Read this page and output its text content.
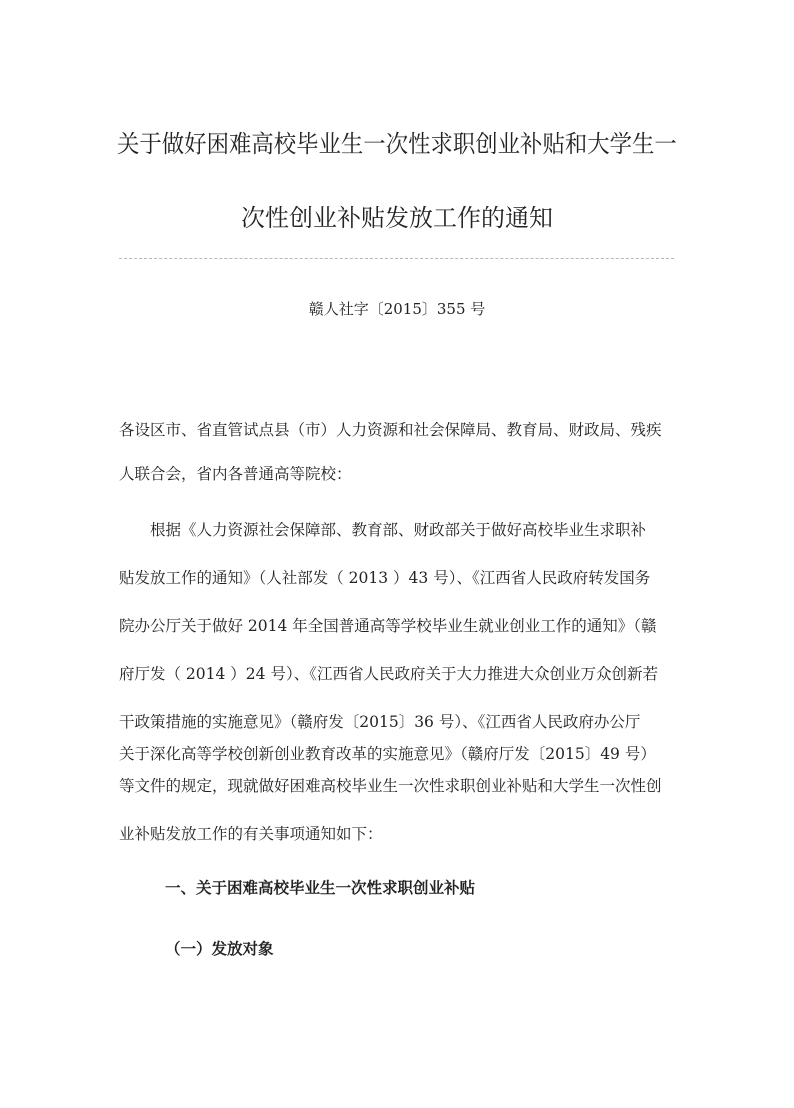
关于做好困难高校毕业生一次性求职创业补贴和大学生一
次性创业补贴发放工作的通知
赣人社字〔2015〕355 号
各设区市、省直管试点县（市）人力资源和社会保障局、教育局、财政局、残疾
人联合会，省内各普通高等院校：
根据《人力资源社会保障部、教育部、财政部关于做好高校毕业生求职补
贴发放工作的通知》（人社部发（ 2013 ）43 号）、《江西省人民政府转发国务
院办公厅关于做好 2014 年全国普通高等学校毕业生就业创业工作的通知》（赣
府厅发（ 2014 ）24 号）、《江西省人民政府关于大力推进大众创业万众创新若
干政策措施的实施意见》（赣府发〔2015〕36 号）、《江西省人民政府办公厅
关于深化高等学校创新创业教育改革的实施意见》（赣府厅发〔2015〕49 号）
等文件的规定，现就做好困难高校毕业生一次性求职创业补贴和大学生一次性创
业补贴发放工作的有关事项通知如下：
一、关于困难高校毕业生一次性求职创业补贴
（一）发放对象
